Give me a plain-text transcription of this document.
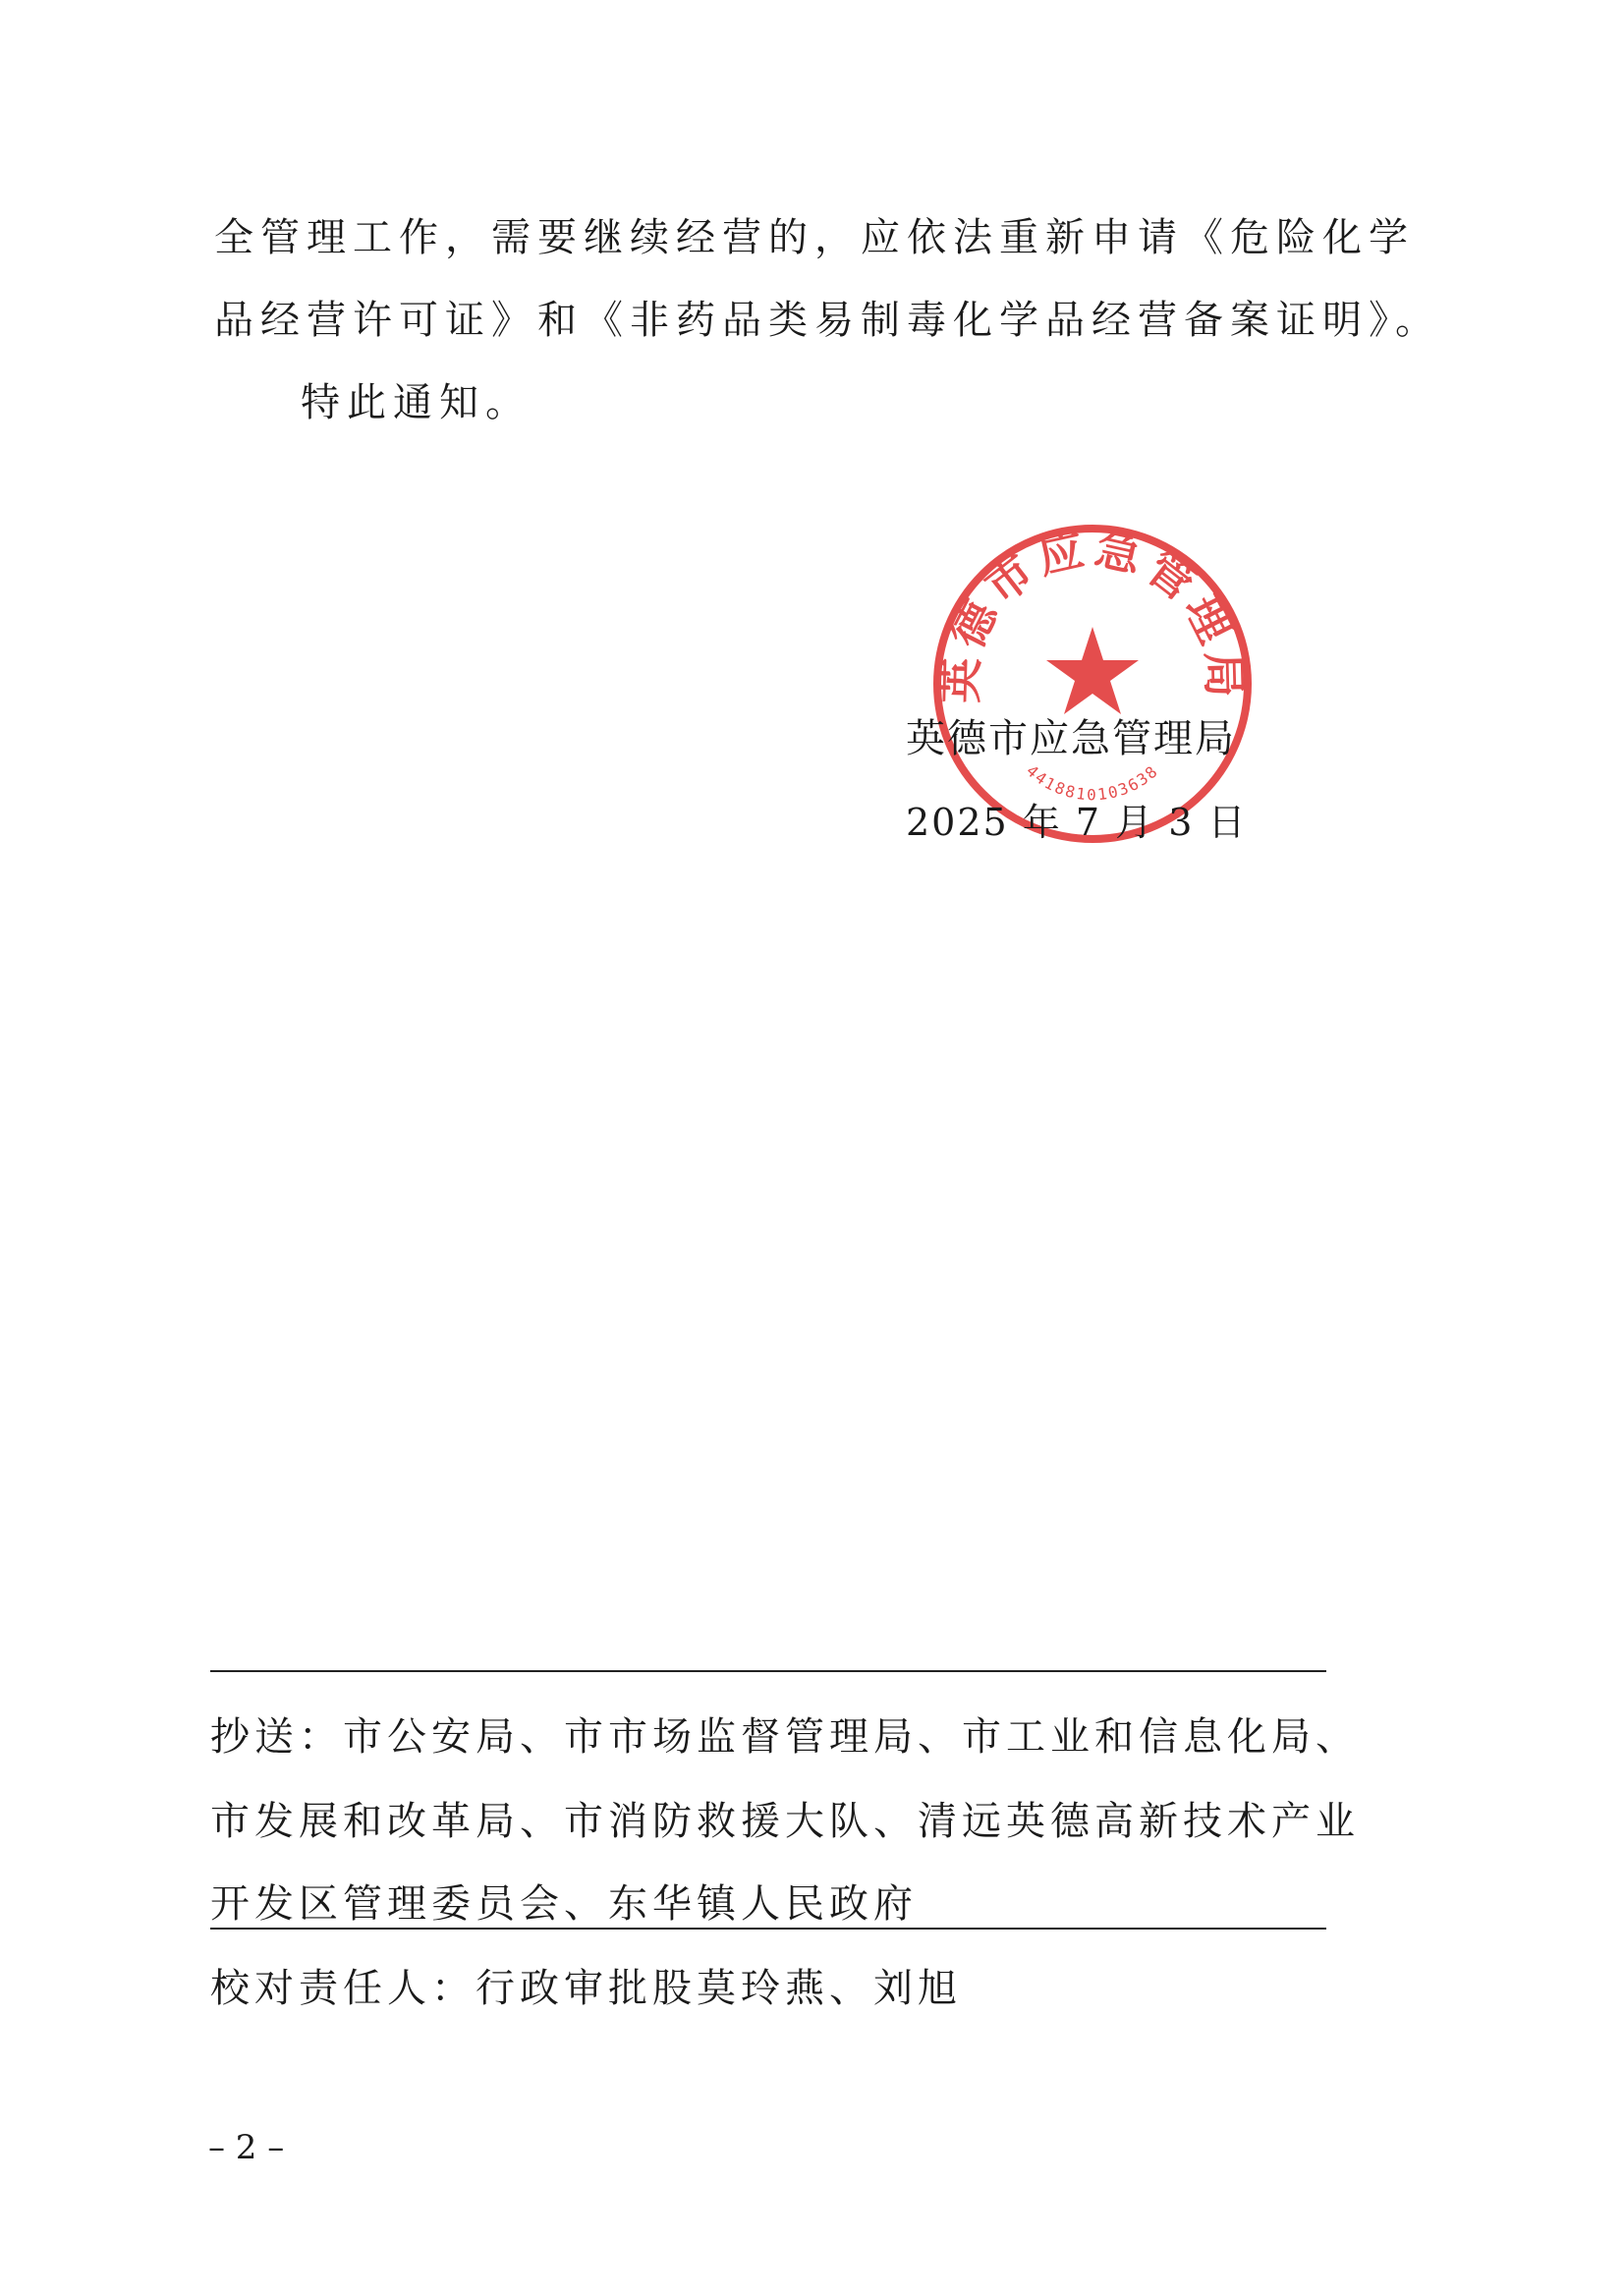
全管理工作，需要继续经营的，应依法重新申请《危险化学
品经营许可证》和《非药品类易制毒化学品经营备案证明》。
特此通知。
英德市应急管理局
4418810103638
英德市应急管理局
2025 年 7 月 3 日
抄送：市公安局、市市场监督管理局、市工业和信息化局、
市发展和改革局、市消防救援大队、清远英德高新技术产业
开发区管理委员会、东华镇人民政府
校对责任人：行政审批股莫玲燕、刘旭
– 2 –
